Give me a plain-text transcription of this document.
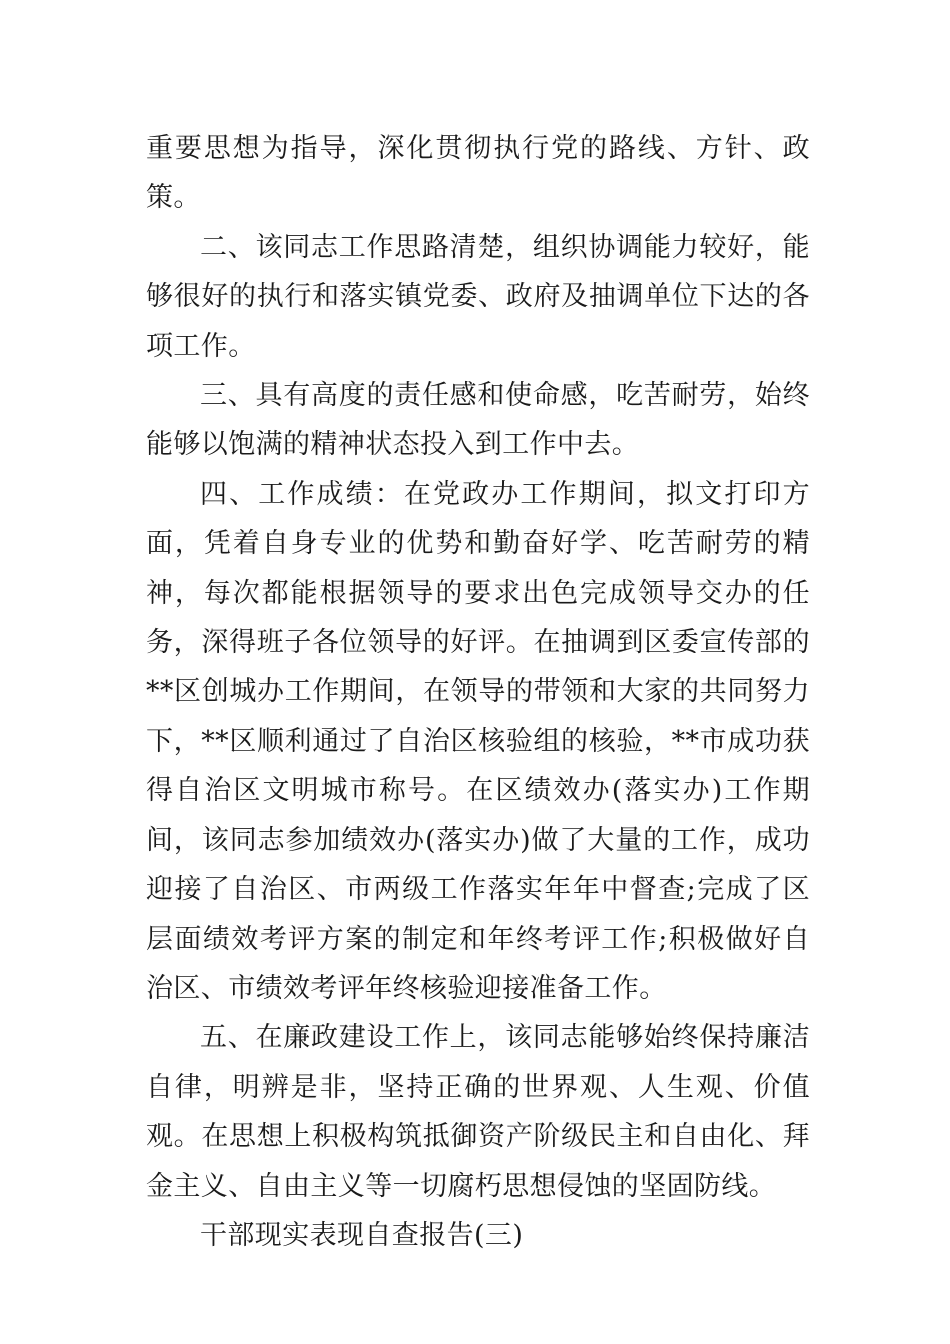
重要思想为指导，深化贯彻执行党的路线、方针、政策。

二、该同志工作思路清楚，组织协调能力较好，能够很好的执行和落实镇党委、政府及抽调单位下达的各项工作。

三、具有高度的责任感和使命感，吃苦耐劳，始终能够以饱满的精神状态投入到工作中去。

四、工作成绩：在党政办工作期间，拟文打印方面，凭着自身专业的优势和勤奋好学、吃苦耐劳的精神，每次都能根据领导的要求出色完成领导交办的任务，深得班子各位领导的好评。在抽调到区委宣传部的**区创城办工作期间，在领导的带领和大家的共同努力下，**区顺利通过了自治区核验组的核验，**市成功获得自治区文明城市称号。在区绩效办(落实办)工作期间，该同志参加绩效办(落实办)做了大量的工作，成功迎接了自治区、市两级工作落实年年中督查;完成了区层面绩效考评方案的制定和年终考评工作;积极做好自治区、市绩效考评年终核验迎接准备工作。

五、在廉政建设工作上，该同志能够始终保持廉洁自律，明辨是非，坚持正确的世界观、人生观、价值观。在思想上积极构筑抵御资产阶级民主和自由化、拜金主义、自由主义等一切腐朽思想侵蚀的坚固防线。

干部现实表现自查报告(三)
